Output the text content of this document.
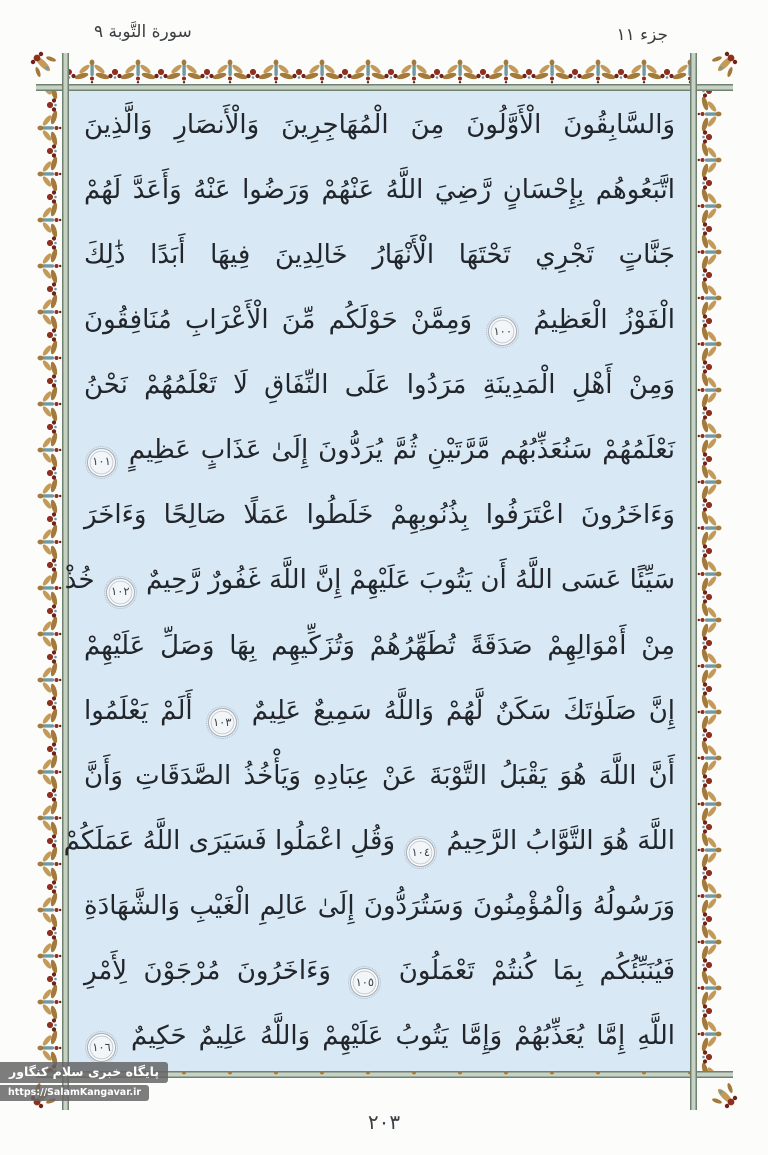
سورة التَّوبة ٩	جزء ١١
وَالسَّابِقُونَ الْأَوَّلُونَ مِنَ الْمُهَاجِرِينَ وَالْأَنصَارِ وَالَّذِينَ
اتَّبَعُوهُم بِإِحْسَانٍ رَّضِيَ اللَّهُ عَنْهُمْ وَرَضُوا عَنْهُ وَأَعَدَّ لَهُمْ
جَنَّاتٍ تَجْرِي تَحْتَهَا الْأَنْهَارُ خَالِدِينَ فِيهَا أَبَدًا ذَٰلِكَ
الْفَوْزُ الْعَظِيمُ ١٠٠ وَمِمَّنْ حَوْلَكُم مِّنَ الْأَعْرَابِ مُنَافِقُونَ
وَمِنْ أَهْلِ الْمَدِينَةِ مَرَدُوا عَلَى النِّفَاقِ لَا تَعْلَمُهُمْ نَحْنُ
نَعْلَمُهُمْ سَنُعَذِّبُهُم مَّرَّتَيْنِ ثُمَّ يُرَدُّونَ إِلَىٰ عَذَابٍ عَظِيمٍ ١٠١
وَءَاخَرُونَ اعْتَرَفُوا بِذُنُوبِهِمْ خَلَطُوا عَمَلًا صَالِحًا وَءَاخَرَ
سَيِّئًا عَسَى اللَّهُ أَن يَتُوبَ عَلَيْهِمْ إِنَّ اللَّهَ غَفُورٌ رَّحِيمٌ ١٠٢ خُذْ
مِنْ أَمْوَالِهِمْ صَدَقَةً تُطَهِّرُهُمْ وَتُزَكِّيهِم بِهَا وَصَلِّ عَلَيْهِمْ
إِنَّ صَلَوٰتَكَ سَكَنٌ لَّهُمْ وَاللَّهُ سَمِيعٌ عَلِيمٌ ١٠٣ أَلَمْ يَعْلَمُوا
أَنَّ اللَّهَ هُوَ يَقْبَلُ التَّوْبَةَ عَنْ عِبَادِهِ وَيَأْخُذُ الصَّدَقَاتِ وَأَنَّ
اللَّهَ هُوَ التَّوَّابُ الرَّحِيمُ ١٠٤ وَقُلِ اعْمَلُوا فَسَيَرَى اللَّهُ عَمَلَكُمْ
وَرَسُولُهُ وَالْمُؤْمِنُونَ وَسَتُرَدُّونَ إِلَىٰ عَالِمِ الْغَيْبِ وَالشَّهَادَةِ
فَيُنَبِّئُكُم بِمَا كُنتُمْ تَعْمَلُونَ ١٠٥ وَءَاخَرُونَ مُرْجَوْنَ لِأَمْرِ
اللَّهِ إِمَّا يُعَذِّبُهُمْ وَإِمَّا يَتُوبُ عَلَيْهِمْ وَاللَّهُ عَلِيمٌ حَكِيمٌ ١٠٦
پایگاه خبری سلام کنگاور
https://SalamKangavar.ir
٢٠٣
